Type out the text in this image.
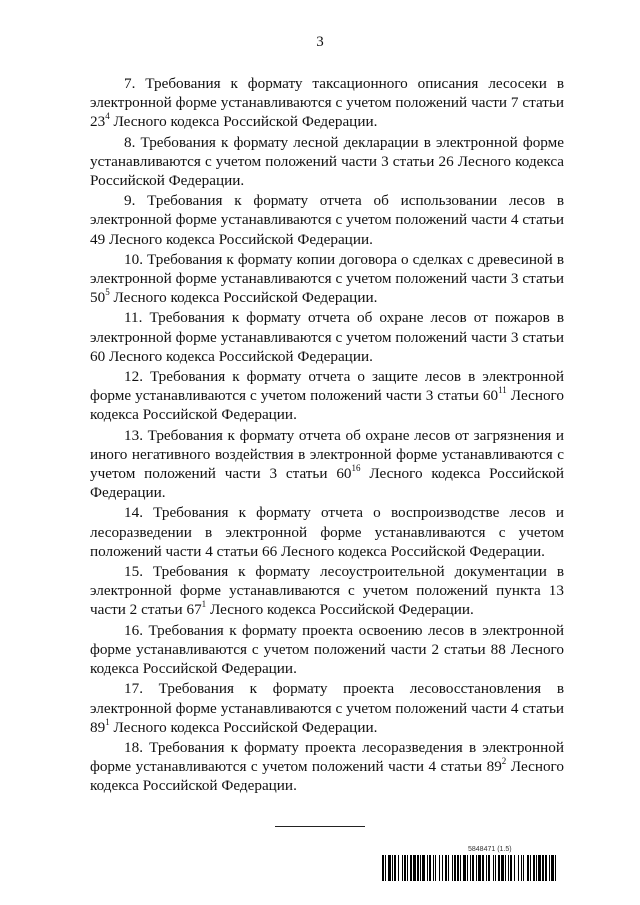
3

7. Требования к формату таксационного описания лесосеки в электронной форме устанавливаются с учетом положений части 7 статьи $23^4$ Лесного кодекса Российской Федерации.

8. Требования к формату лесной декларации в электронной форме устанавливаются с учетом положений части 3 статьи 26 Лесного кодекса Российской Федерации.

9. Требования к формату отчета об использовании лесов в электронной форме устанавливаются с учетом положений части 4 статьи 49 Лесного кодекса Российской Федерации.

10. Требования к формату копии договора о сделках с древесиной в электронной форме устанавливаются с учетом положений части 3 статьи $50^5$ Лесного кодекса Российской Федерации.

11. Требования к формату отчета об охране лесов от пожаров в электронной форме устанавливаются с учетом положений части 3 статьи 60 Лесного кодекса Российской Федерации.

12. Требования к формату отчета о защите лесов в электронной форме устанавливаются с учетом положений части 3 статьи $60^{11}$ Лесного кодекса Российской Федерации.

13. Требования к формату отчета об охране лесов от загрязнения и иного негативного воздействия в электронной форме устанавливаются с учетом положений части 3 статьи $60^{16}$ Лесного кодекса Российской Федерации.

14. Требования к формату отчета о воспроизводстве лесов и лесоразведении в электронной форме устанавливаются с учетом положений части 4 статьи 66 Лесного кодекса Российской Федерации.

15. Требования к формату лесоустроительной документации в электронной форме устанавливаются с учетом положений пункта 13 части 2 статьи $67^1$ Лесного кодекса Российской Федерации.

16. Требования к формату проекта освоению лесов в электронной форме устанавливаются с учетом положений части 2 статьи 88 Лесного кодекса Российской Федерации.

17. Требования к формату проекта лесовосстановления в электронной форме устанавливаются с учетом положений части 4 статьи $89^1$ Лесного кодекса Российской Федерации.

18. Требования к формату проекта лесоразведения в электронной форме устанавливаются с учетом положений части 4 статьи $89^2$ Лесного кодекса Российской Федерации.

5848471 (1.5)
